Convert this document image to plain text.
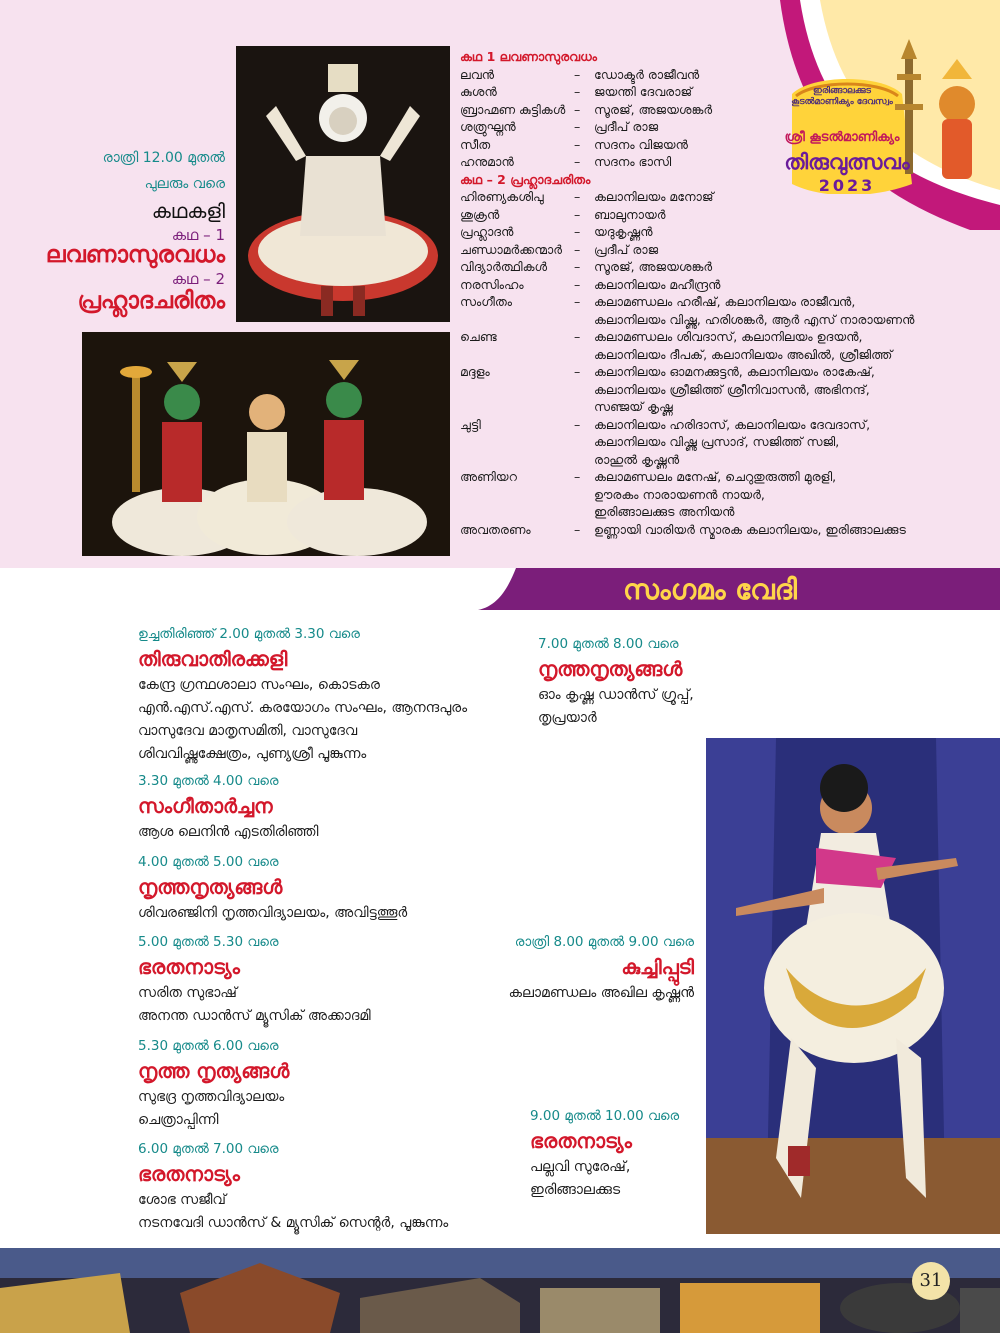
ഇരിങ്ങാലക്കുട കൂടൽമാണിക്യം ദേവസ്വം
ശ്രീ കൂടൽമാണിക്യം
തിരുവുത്സവം
2023
രാത്രി 12.00 മുതൽ
പുലരും വരെ
കഥകളി
കഥ – 1
ലവണാസുരവധം
കഥ – 2
പ്രഹ്ലാദചരിതം
കഥ 1 ലവണാസുരവധം
ലവൻ	–	ഡോക്ടർ രാജീവൻ
കുശൻ	–	ജയന്തി ദേവരാജ്
ബ്രാഹ്മണ കുട്ടികൾ –	സൂരജ്, അജയശങ്കർ
ശത്രുഘ്നൻ	–	പ്രദീപ് രാജ
സീത	–	സദനം വിജയൻ
ഹനുമാൻ	–	സദനം ഭാസി
കഥ – 2 പ്രഹ്ലാദചരിതം
ഹിരണ്യകശിപു	–	കലാനിലയം മനോജ്
ശുക്രൻ	–	ബാലുനായർ
പ്രഹ്ലാദൻ	–	യദുകൃഷ്ണൻ
ചണ്ഡാമർക്കന്മാർ –	പ്രദീപ് രാജ
വിദ്യാർത്ഥികൾ	–	സൂരജ്, അജയശങ്കർ
നരസിംഹം	–	കലാനിലയം മഹീന്ദ്രൻ
സംഗീതം	–	കലാമണ്ഡലം ഹരീഷ്, കലാനിലയം രാജീവൻ,
കലാനിലയം വിഷ്ണു, ഹരിശങ്കർ, ആർ എസ് നാരായണൻ
ചെണ്ട	–	കലാമണ്ഡലം ശിവദാസ്, കലാനിലയം ഉദയൻ,
കലാനിലയം ദീപക്, കലാനിലയം അഖിൽ, ശ്രീജിത്ത്
മദ്ദളം	–	കലാനിലയം ഓമനക്കുട്ടൻ, കലാനിലയം രാകേഷ്,
കലാനിലയം ശ്രീജിത്ത് ശ്രീനിവാസൻ, അഭിനന്ദ്,
സഞ്ജയ് കൃഷ്ണ
ചുട്ടി	–	കലാനിലയം ഹരിദാസ്, കലാനിലയം ദേവദാസ്,
കലാനിലയം വിഷ്ണു പ്രസാദ്, സജിത്ത് സജി,
രാഹുൽ കൃഷ്ണൻ
അണിയറ	–	കലാമണ്ഡലം മനേഷ്, ചെറുതുരുത്തി മുരളി,
ഊരകം നാരായണൻ നായർ,
ഇരിങ്ങാലക്കുട അനിയൻ
അവതരണം	–	ഉണ്ണായി വാരിയർ സ്മാരക കലാനിലയം, ഇരിങ്ങാലക്കുട
സംഗമം വേദി
ഉച്ചതിരിഞ്ഞ് 2.00 മുതൽ 3.30 വരെ
തിരുവാതിരക്കളി
കേന്ദ്ര ഗ്രന്ഥശാലാ സംഘം, കൊടകര
എൻ.എസ്.എസ്. കരയോഗം സംഘം, ആനന്ദപുരം
വാസുദേവ മാതൃസമിതി, വാസുദേവ
ശിവവിഷ്ണുക്ഷേത്രം, പുണ്യശ്രീ പൂങ്കുന്നം
3.30 മുതൽ 4.00 വരെ
സംഗീതാർച്ചന
ആശ ലെനിൻ എടതിരിഞ്ഞി
4.00 മുതൽ 5.00 വരെ
നൃത്തനൃത്യങ്ങൾ
ശിവരഞ്ജിനി നൃത്തവിദ്യാലയം, അവിട്ടത്തൂർ
5.00 മുതൽ 5.30 വരെ
ഭരതനാട്യം
സരിത സുഭാഷ്
അനന്ത ഡാൻസ് മ്യൂസിക് അക്കാദമി
5.30 മുതൽ 6.00 വരെ
നൃത്ത നൃത്യങ്ങൾ
സുഭദ്ര നൃത്തവിദ്യാലയം
ചെത്രാപ്പിന്നി
6.00 മുതൽ 7.00 വരെ
ഭരതനാട്യം
ശോഭ സജീവ്
നടനവേദി ഡാൻസ് & മ്യൂസിക് സെന്റർ, പൂങ്കുന്നം
7.00 മുതൽ 8.00 വരെ
നൃത്തനൃത്യങ്ങൾ
ഓം കൃഷ്ണ ഡാൻസ് ഗ്രൂപ്പ്,
തൃപ്രയാർ
രാത്രി 8.00 മുതൽ 9.00 വരെ
കുച്ചിപ്പുടി
കലാമണ്ഡലം അഖില കൃഷ്ണൻ
9.00 മുതൽ 10.00 വരെ
ഭരതനാട്യം
പല്ലവി സുരേഷ്,
ഇരിങ്ങാലക്കുട
31
